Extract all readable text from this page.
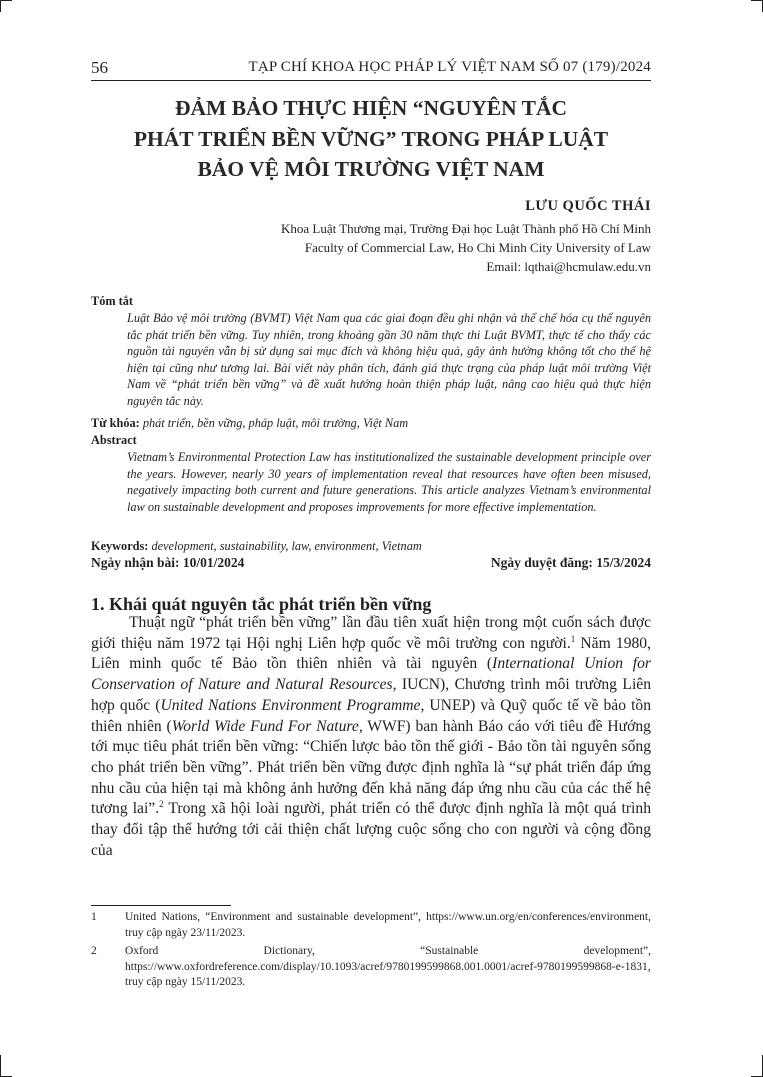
56	TẠP CHÍ KHOA HỌC PHÁP LÝ VIỆT NAM SỐ 07 (179)/2024
ĐẢM BẢO THỰC HIỆN “NGUYÊN TẮC
PHÁT TRIỂN BỀN VỮNG” TRONG PHÁP LUẬT
BẢO VỆ MÔI TRƯỜNG VIỆT NAM
LƯU QUỐC THÁI
Khoa Luật Thương mại, Trường Đại học Luật Thành phố Hồ Chí Minh
Faculty of Commercial Law, Ho Chi Minh City University of Law
Email: lqthai@hcmulaw.edu.vn
Tóm tắt
Luật Bảo vệ môi trường (BVMT) Việt Nam qua các giai đoạn đều ghi nhận và thể chế hóa cụ thể nguyên tắc phát triển bền vững. Tuy nhiên, trong khoảng gần 30 năm thực thi Luật BVMT, thực tế cho thấy các nguồn tài nguyên vẫn bị sử dụng sai mục đích và không hiệu quả, gây ảnh hưởng không tốt cho thế hệ hiện tại cũng như tương lai. Bài viết này phân tích, đánh giá thực trạng của pháp luật môi trường Việt Nam về “phát triển bền vững” và đề xuất hướng hoàn thiện pháp luật, nâng cao hiệu quả thực hiện nguyên tắc này.
Từ khóa: phát triển, bền vững, pháp luật, môi trường, Việt Nam
Abstract
Vietnam’s Environmental Protection Law has institutionalized the sustainable development principle over the years. However, nearly 30 years of implementation reveal that resources have often been misused, negatively impacting both current and future generations. This article analyzes Vietnam’s environmental law on sustainable development and proposes improvements for more effective implementation.
Keywords: development, sustainability, law, environment, Vietnam
Ngày nhận bài: 10/01/2024	Ngày duyệt đăng: 15/3/2024
1. Khái quát nguyên tắc phát triển bền vững

Thuật ngữ “phát triển bền vững” lần đầu tiên xuất hiện trong một cuốn sách được giới thiệu năm 1972 tại Hội nghị Liên hợp quốc về môi trường con người.$^1$ Năm 1980, Liên minh quốc tế Bảo tồn thiên nhiên và tài nguyên (International Union for Conservation of Nature and Natural Resources, IUCN), Chương trình môi trường Liên hợp quốc (United Nations Environment Programme, UNEP) và Quỹ quốc tế về bảo tồn thiên nhiên (World Wide Fund For Nature, WWF) ban hành Báo cáo với tiêu đề Hướng tới mục tiêu phát triển bền vững: “Chiến lược bảo tồn thế giới - Bảo tồn tài nguyên sống cho phát triển bền vững”. Phát triển bền vững được định nghĩa là “sự phát triển đáp ứng nhu cầu của hiện tại mà không ảnh hưởng đến khả năng đáp ứng nhu cầu của các thế hệ tương lai”.$^2$ Trong xã hội loài người, phát triển có thể được định nghĩa là một quá trình thay đổi tập thể hướng tới cải thiện chất lượng cuộc sống cho con người và cộng đồng của

1 United Nations, “Environment and sustainable development”, https://www.un.org/en/conferences/environment, truy cập ngày 23/11/2023.
2 Oxford Dictionary, “Sustainable development”, https://www.oxfordreference.com/display/10.1093/acref/9780199599868.001.0001/acref-9780199599868-e-1831, truy cập ngày 15/11/2023.
